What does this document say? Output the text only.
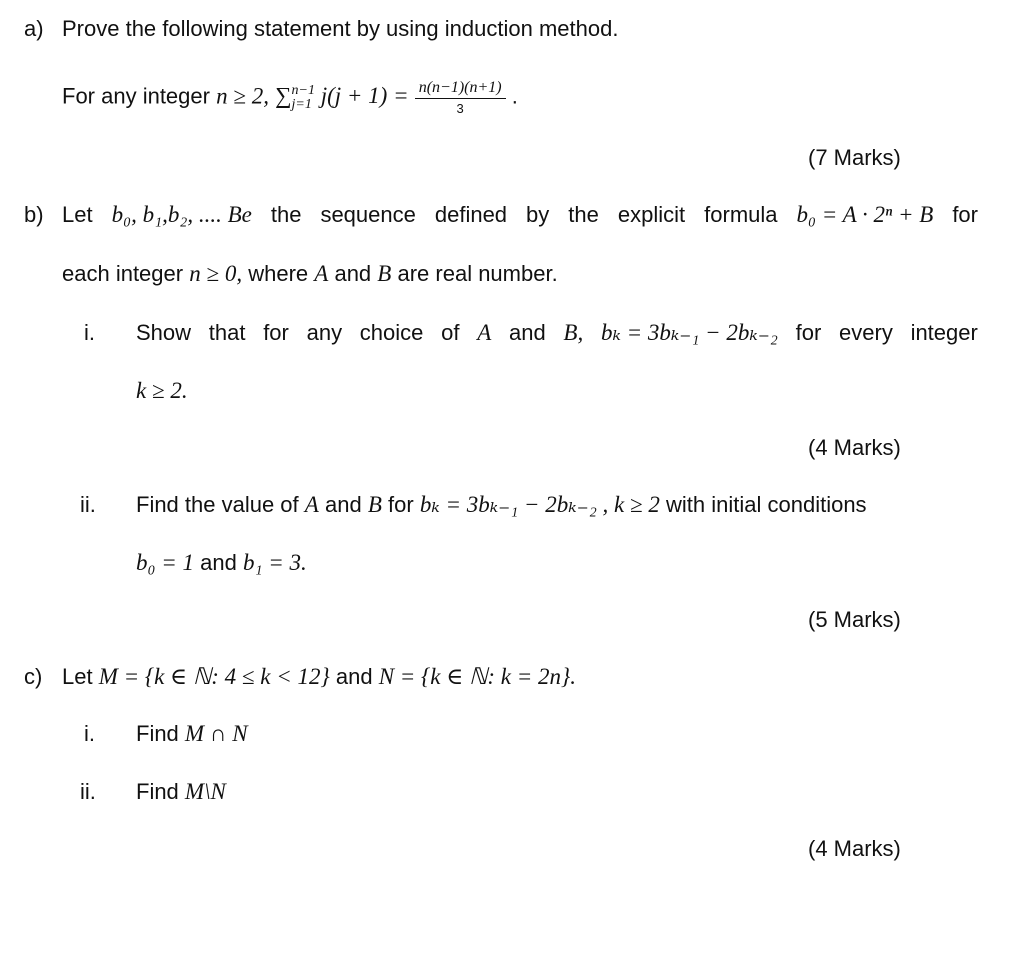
a) Prove the following statement by using induction method.
For any integer n ≥ 2, ∑ n−1
j=1 $j(j + 1) = \frac{n(n-1)(n+1)}{3}$ .
(7 Marks)
b) Let b₀, b₁,b₂, .... Be the sequence defined by the explicit formula b₀ = A · 2ⁿ + B for
each integer n ≥ 0, where A and B are real number.
i. Show that for any choice of A and B, bₖ = 3bₖ₋₁ − 2bₖ₋₂ for every integer
k ≥ 2.
(4 Marks)
ii. Find the value of A and B for bₖ = 3bₖ₋₁ − 2bₖ₋₂ , k ≥ 2 with initial conditions
b₀ = 1 and b₁ = 3.
(5 Marks)
c) Let M = {k ∈ ℕ: 4 ≤ k < 12} and N = {k ∈ ℕ: k = 2n}.
i. Find M ∩ N
ii. Find M\N
(4 Marks)
